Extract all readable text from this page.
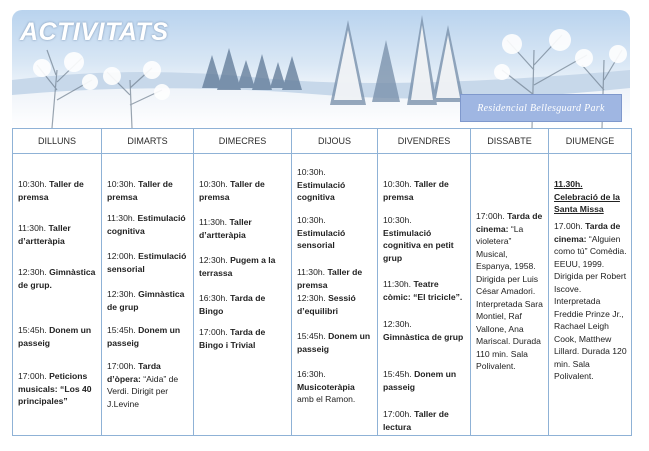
ACTIVITATS
Residencial Bellesguard Park
DILLUNS
10:30h. Taller de premsa
11:30h. Taller d’artteràpia
12:30h. Gimnàstica de grup.
15:45h. Donem un passeig
17:00h. Peticions musicals: “Los 40 principales”
DIMARTS
10:30h. Taller de premsa
11:30h. Estimulació cognitiva
12:00h. Estimulació sensorial
12:30h. Gimnàstica de grup
15:45h. Donem un passeig
17:00h. Tarda d’òpera: “Aida” de Verdi. Dirigit per J.Levine
DIMECRES
10:30h. Taller de premsa
11:30h. Taller d’artteràpia
12:30h. Pugem a la terrassa
16:30h. Tarda de Bingo
17:00h. Tarda de Bingo i Trivial
DIJOUS
10:30h.
Estimulació cognitiva
10:30h.
Estimulació sensorial
11:30h. Taller de premsa
12:30h. Sessió d’equilibri
15:45h. Donem un passeig
16:30h.
Musicoteràpia
amb el Ramon.
DIVENDRES
10:30h. Taller de premsa
10:30h.
Estimulació cognitiva en petit grup
11:30h. Teatre còmic: “El tricicle”.
12:30h.
Gimnàstica de grup
15:45h. Donem un passeig
17:00h. Taller de lectura
DISSABTE
17:00h. Tarda de cinema: “La violetera” Musical, Espanya, 1958. Dirigida per Luis César Amadori. Interpretada Sara Montiel, Raf Vallone, Ana Mariscal. Durada 110 min. Sala Polivalent.
DIUMENGE
11.30h. Celebració de la Santa Missa
17.00h. Tarda de cinema: “Alguien como tú” Comèdia. EEUU, 1999. Dirigida per Robert Iscove. Interpretada Freddie Prinze Jr., Rachael Leigh Cook, Matthew Lillard. Durada 120 min. Sala Polivalent.
